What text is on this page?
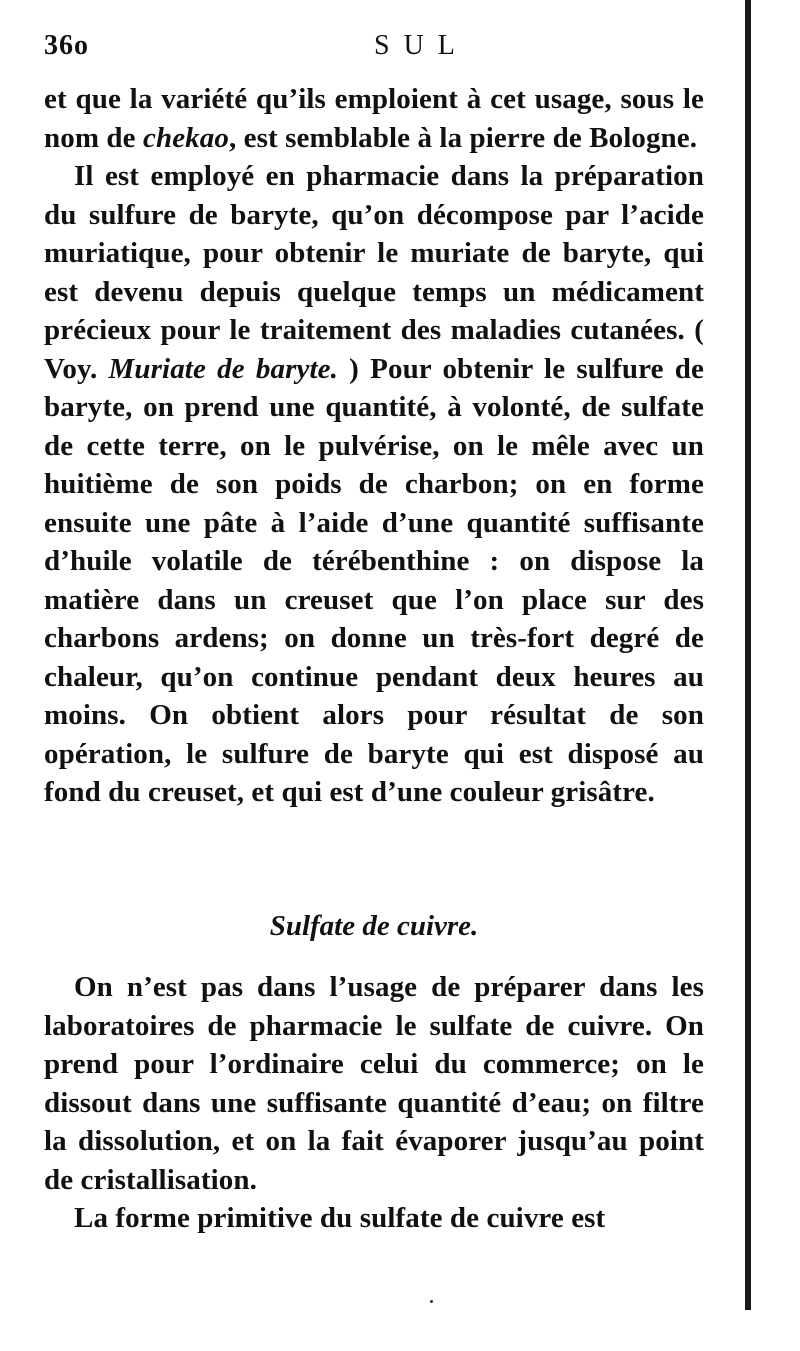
36o	SUL

et que la variété qu’ils emploient à cet usage, sous le nom de chekao, est semblable à la pierre de Bologne.

Il est employé en pharmacie dans la préparation du sulfure de baryte, qu’on décompose par l’acide muriatique, pour obtenir le muriate de baryte, qui est devenu depuis quelque temps un médicament précieux pour le traitement des maladies cutanées. ( Voy. Muriate de baryte. ) Pour obtenir le sulfure de baryte, on prend une quantité, à volonté, de sulfate de cette terre, on le pulvérise, on le mêle avec un huitième de son poids de charbon; on en forme ensuite une pâte à l’aide d’une quantité suffisante d’huile volatile de térébenthine : on dispose la matière dans un creuset que l’on place sur des charbons ardens; on donne un très-fort degré de chaleur, qu’on continue pendant deux heures au moins. On obtient alors pour résultat de son opération, le sulfure de baryte qui est disposé au fond du creuset, et qui est d’une couleur grisâtre.

Sulfate de cuivre.

On n’est pas dans l’usage de préparer dans les laboratoires de pharmacie le sulfate de cuivre. On prend pour l’ordinaire celui du commerce; on le dissout dans une suffisante quantité d’eau; on filtre la dissolution, et on la fait évaporer jusqu’au point de cristallisation.

La forme primitive du sulfate de cuivre est
